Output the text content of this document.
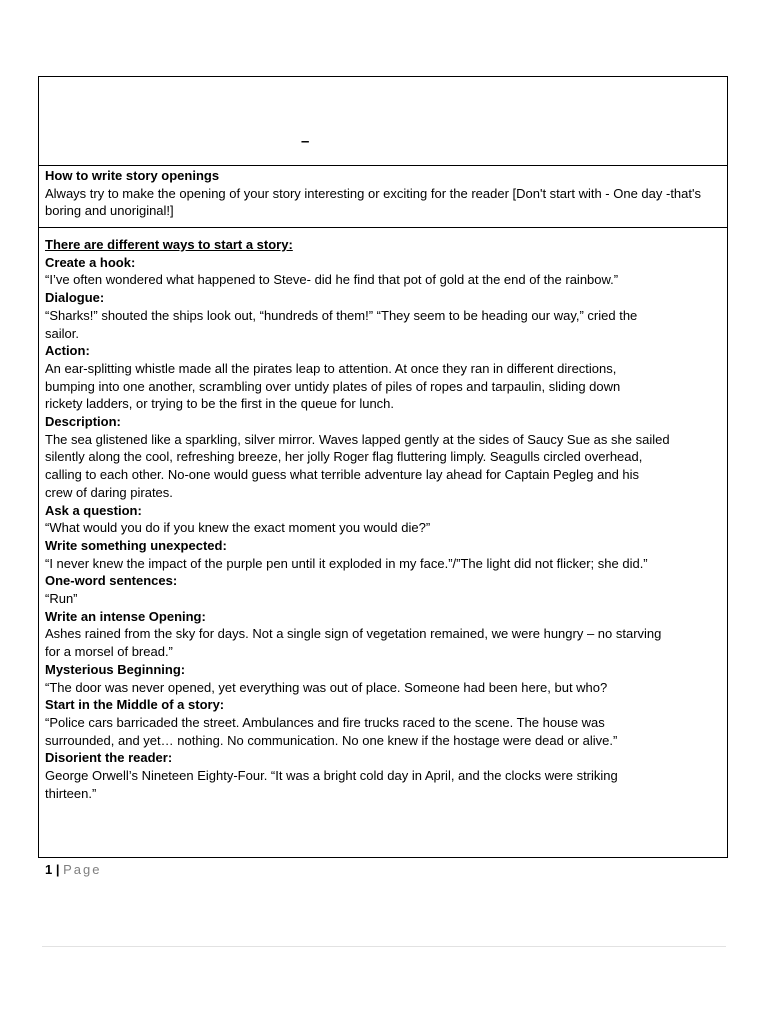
–
How to write story openings
Always try to make the opening of your story interesting or exciting for the reader [Don't start with - One day -that's boring and unoriginal!]
There are different ways to start a story:
Create a hook:
“I’ve often wondered what happened to Steve- did he find that pot of gold at the end of the rainbow.”
Dialogue:
“Sharks!” shouted the ships look out, “hundreds of them!” “They seem to be heading our way,” cried the
sailor.
Action:
An ear-splitting whistle made all the pirates leap to attention. At once they ran in different directions,
bumping into one another, scrambling over untidy plates of piles of ropes and tarpaulin, sliding down
rickety ladders, or trying to be the first in the queue for lunch.
Description:
The sea glistened like a sparkling, silver mirror. Waves lapped gently at the sides of Saucy Sue as she sailed
silently along the cool, refreshing breeze, her jolly Roger flag fluttering limply. Seagulls circled overhead,
calling to each other. No-one would guess what terrible adventure lay ahead for Captain Pegleg and his
crew of daring pirates.
Ask a question:
“What would you do if you knew the exact moment you would die?”
Write something unexpected:
“I never knew the impact of the purple pen until it exploded in my face.”/”The light did not flicker; she did.”
One-word sentences:
“Run”
Write an intense Opening:
Ashes rained from the sky for days. Not a single sign of vegetation remained, we were hungry – no starving
for a morsel of bread.”
Mysterious Beginning:
“The door was never opened, yet everything was out of place. Someone had been here, but who?
Start in the Middle of a story:
“Police cars barricaded the street. Ambulances and fire trucks raced to the scene. The house was
surrounded, and yet… nothing. No communication. No one knew if the hostage were dead or alive.”
Disorient the reader:
George Orwell’s Nineteen Eighty-Four. “It was a bright cold day in April, and the clocks were striking
thirteen.”
1 | Page
